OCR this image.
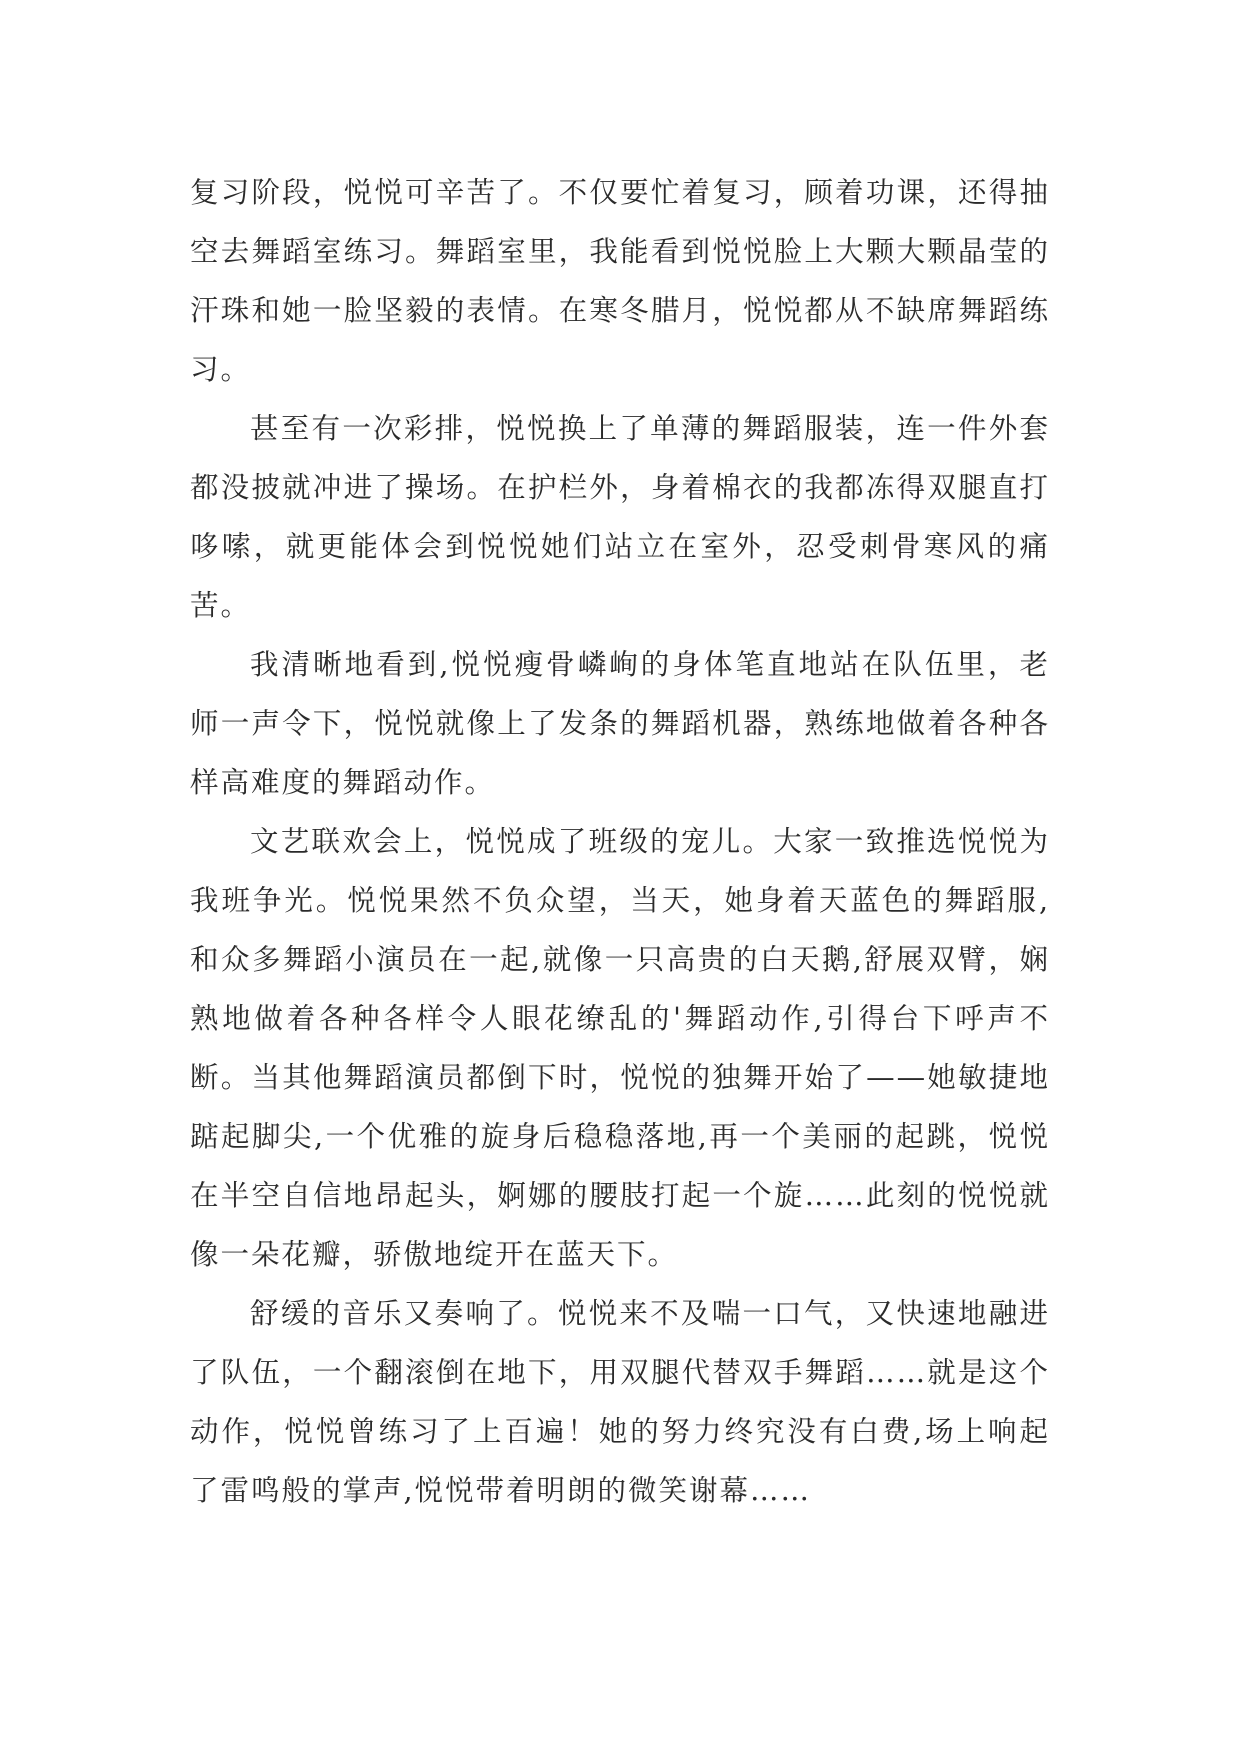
复习阶段，悦悦可辛苦了。不仅要忙着复习，顾着功课，还得抽空去舞蹈室练习。舞蹈室里，我能看到悦悦脸上大颗大颗晶莹的汗珠和她一脸坚毅的表情。在寒冬腊月，悦悦都从不缺席舞蹈练习。

甚至有一次彩排，悦悦换上了单薄的舞蹈服装，连一件外套都没披就冲进了操场。在护栏外，身着棉衣的我都冻得双腿直打哆嗦，就更能体会到悦悦她们站立在室外，忍受刺骨寒风的痛苦。

我清晰地看到,悦悦瘦骨嶙峋的身体笔直地站在队伍里，老师一声令下，悦悦就像上了发条的舞蹈机器，熟练地做着各种各样高难度的舞蹈动作。

文艺联欢会上，悦悦成了班级的宠儿。大家一致推选悦悦为我班争光。悦悦果然不负众望，当天，她身着天蓝色的舞蹈服,和众多舞蹈小演员在一起,就像一只高贵的白天鹅,舒展双臂，娴熟地做着各种各样令人眼花缭乱的'舞蹈动作,引得台下呼声不断。当其他舞蹈演员都倒下时，悦悦的独舞开始了——她敏捷地踮起脚尖,一个优雅的旋身后稳稳落地,再一个美丽的起跳，悦悦在半空自信地昂起头，婀娜的腰肢打起一个旋……此刻的悦悦就像一朵花瓣，骄傲地绽开在蓝天下。

舒缓的音乐又奏响了。悦悦来不及喘一口气，又快速地融进了队伍，一个翻滚倒在地下，用双腿代替双手舞蹈……就是这个动作，悦悦曾练习了上百遍！她的努力终究没有白费,场上响起了雷鸣般的掌声,悦悦带着明朗的微笑谢幕……
